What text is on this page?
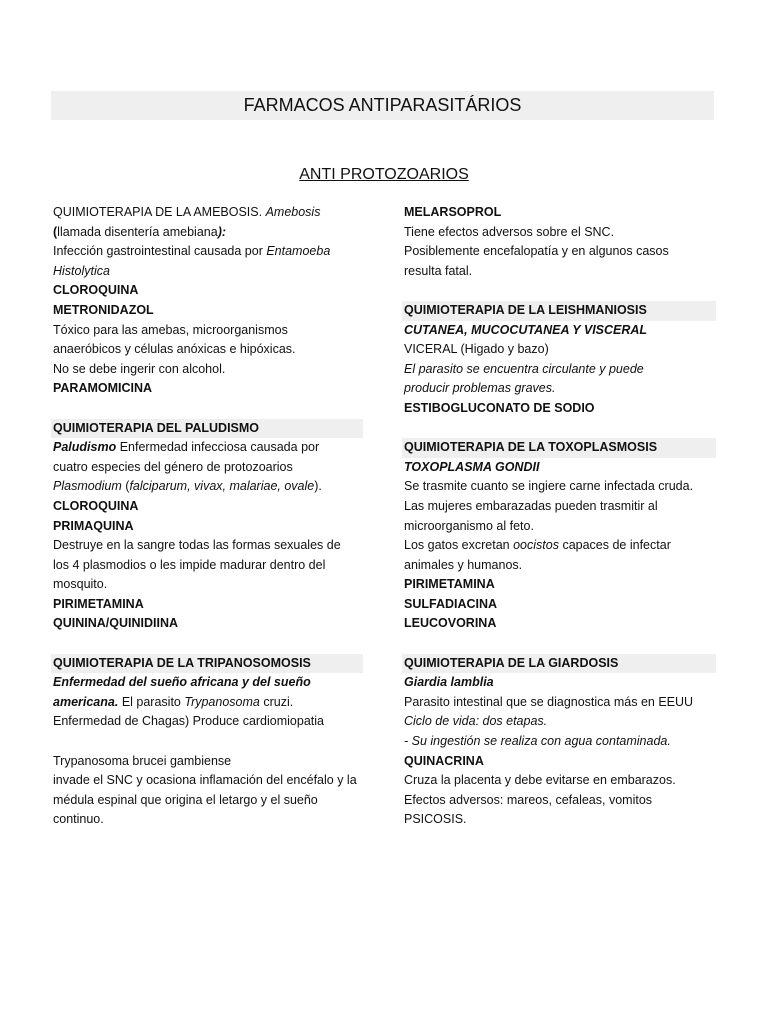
FARMACOS ANTIPARASITÁRIOS
ANTI PROTOZOARIOS
QUIMIOTERAPIA DE LA AMEBOSIS. Amebosis
(llamada disentería amebiana):
Infección gastrointestinal causada por Entamoeba Histolytica
CLOROQUINA
METRONIDAZOL
Tóxico para las amebas, microorganismos anaeróbicos y células anóxicas e hipóxicas.
No se debe ingerir con alcohol.
PARAMOMICINA
QUIMIOTERAPIA DEL PALUDISMO
Paludismo Enfermedad infecciosa causada por cuatro especies del género de protozoarios
Plasmodium (falciparum, vivax, malariae, ovale).
CLOROQUINA
PRIMAQUINA
Destruye en la sangre todas las formas sexuales de los 4 plasmodios o les impide madurar dentro del mosquito.
PIRIMETAMINA
QUININA/QUINIDIINA
QUIMIOTERAPIA DE LA TRIPANOSOMOSIS
Enfermedad del sueño africana y del sueño americana. El parasito Trypanosoma cruzi.
Enfermedad de Chagas) Produce cardiomiopatia
Trypanosoma brucei gambiense
invade el SNC y ocasiona inflamación del encéfalo y la médula espinal que origina el letargo y el sueño continuo.
MELARSOPROL
Tiene efectos adversos sobre el SNC. Posiblemente encefalopatía y en algunos casos resulta fatal.
QUIMIOTERAPIA DE LA LEISHMANIOSIS
CUTANEA, MUCOCUTANEA Y VISCERAL
VICERAL (Higado y bazo)
El parasito se encuentra circulante y puede producir problemas graves.
ESTIBOGLUCONATO DE SODIO
QUIMIOTERAPIA DE LA TOXOPLASMOSIS
TOXOPLASMA GONDII
Se trasmite cuanto se ingiere carne infectada cruda.
Las mujeres embarazadas pueden trasmitir al microorganismo al feto.
Los gatos excretan oocistos capaces de infectar animales y humanos.
PIRIMETAMINA
SULFADIACINA
LEUCOVORINA
QUIMIOTERAPIA DE LA GIARDOSIS
Giardia lamblia
Parasito intestinal que se diagnostica más en EEUU
Ciclo de vida: dos etapas.
- Su ingestión se realiza con agua contaminada.
QUINACRINA
Cruza la placenta y debe evitarse en embarazos.
Efectos adversos: mareos, cefaleas, vomitos
PSICOSIS.
